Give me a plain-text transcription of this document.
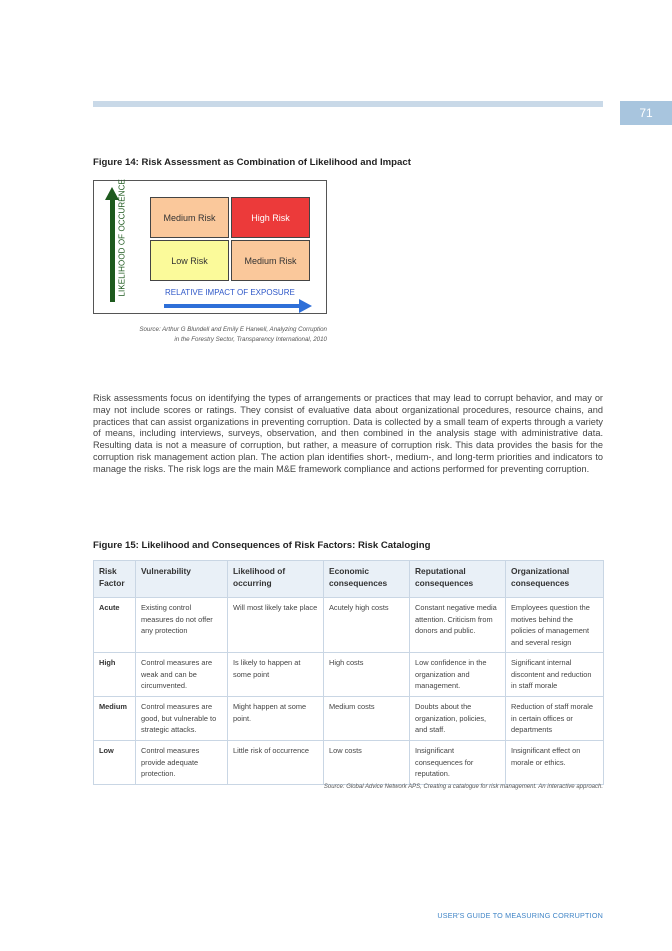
71
Figure 14: Risk Assessment as Combination of Likelihood and Impact
LIKELIHOOD OF OCCURENCE	Medium Risk	High Risk
Low Risk	Medium Risk
RELATIVE IMPACT OF EXPOSURE
Source: Arthur G Blundell and Emily E Harwell, Analyzing Corruption
in the Forestry Sector, Transparency International, 2010

Risk assessments focus on identifying the types of arrangements or practices that may lead to corrupt behavior, and may or may not include scores or ratings. They consist of evaluative data about organizational procedures, resource chains, and practices that can assist organizations in preventing corruption. Data is collected by a small team of experts through a variety of means, including interviews, surveys, observation, and then combined in the analysis stage with administrative data. Resulting data is not a measure of corruption, but rather, a measure of corruption risk. This data provides the basis for the corruption risk management action plan. The action plan identifies short-, medium-, and long-term priorities and indicators to manage the risks. The risk logs are the main M&E framework compliance and actions performed for preventing corruption.

Figure 15: Likelihood and Consequences of Risk Factors: Risk Cataloging
Risk Factor	Vulnerability	Likelihood of occurring	Economic consequences	Reputational consequences	Organizational consequences
Acute	Existing control measures do not offer any protection	Will most likely take place	Acutely high costs	Constant negative media attention. Criticism from donors and public.	Employees question the motives behind the policies of management and several resign
High	Control measures are weak and can be circumvented.	Is likely to happen at some point	High costs	Low confidence in the organization and management.	Significant internal discontent and reduction in staff morale
Medium	Control measures are good, but vulnerable to strategic attacks.	Might happen at some point.	Medium costs	Doubts about the organization, policies, and staff.	Reduction of staff morale in certain offices or departments
Low	Control measures provide adequate protection.	Little risk of occurrence	Low costs	Insignificant consequences for reputation.	Insignificant effect on morale or ethics.
Source: Global Advice Network APS, Creating a catalogue for risk management. An interactive approach.
USER'S GUIDE TO MEASURING CORRUPTION
